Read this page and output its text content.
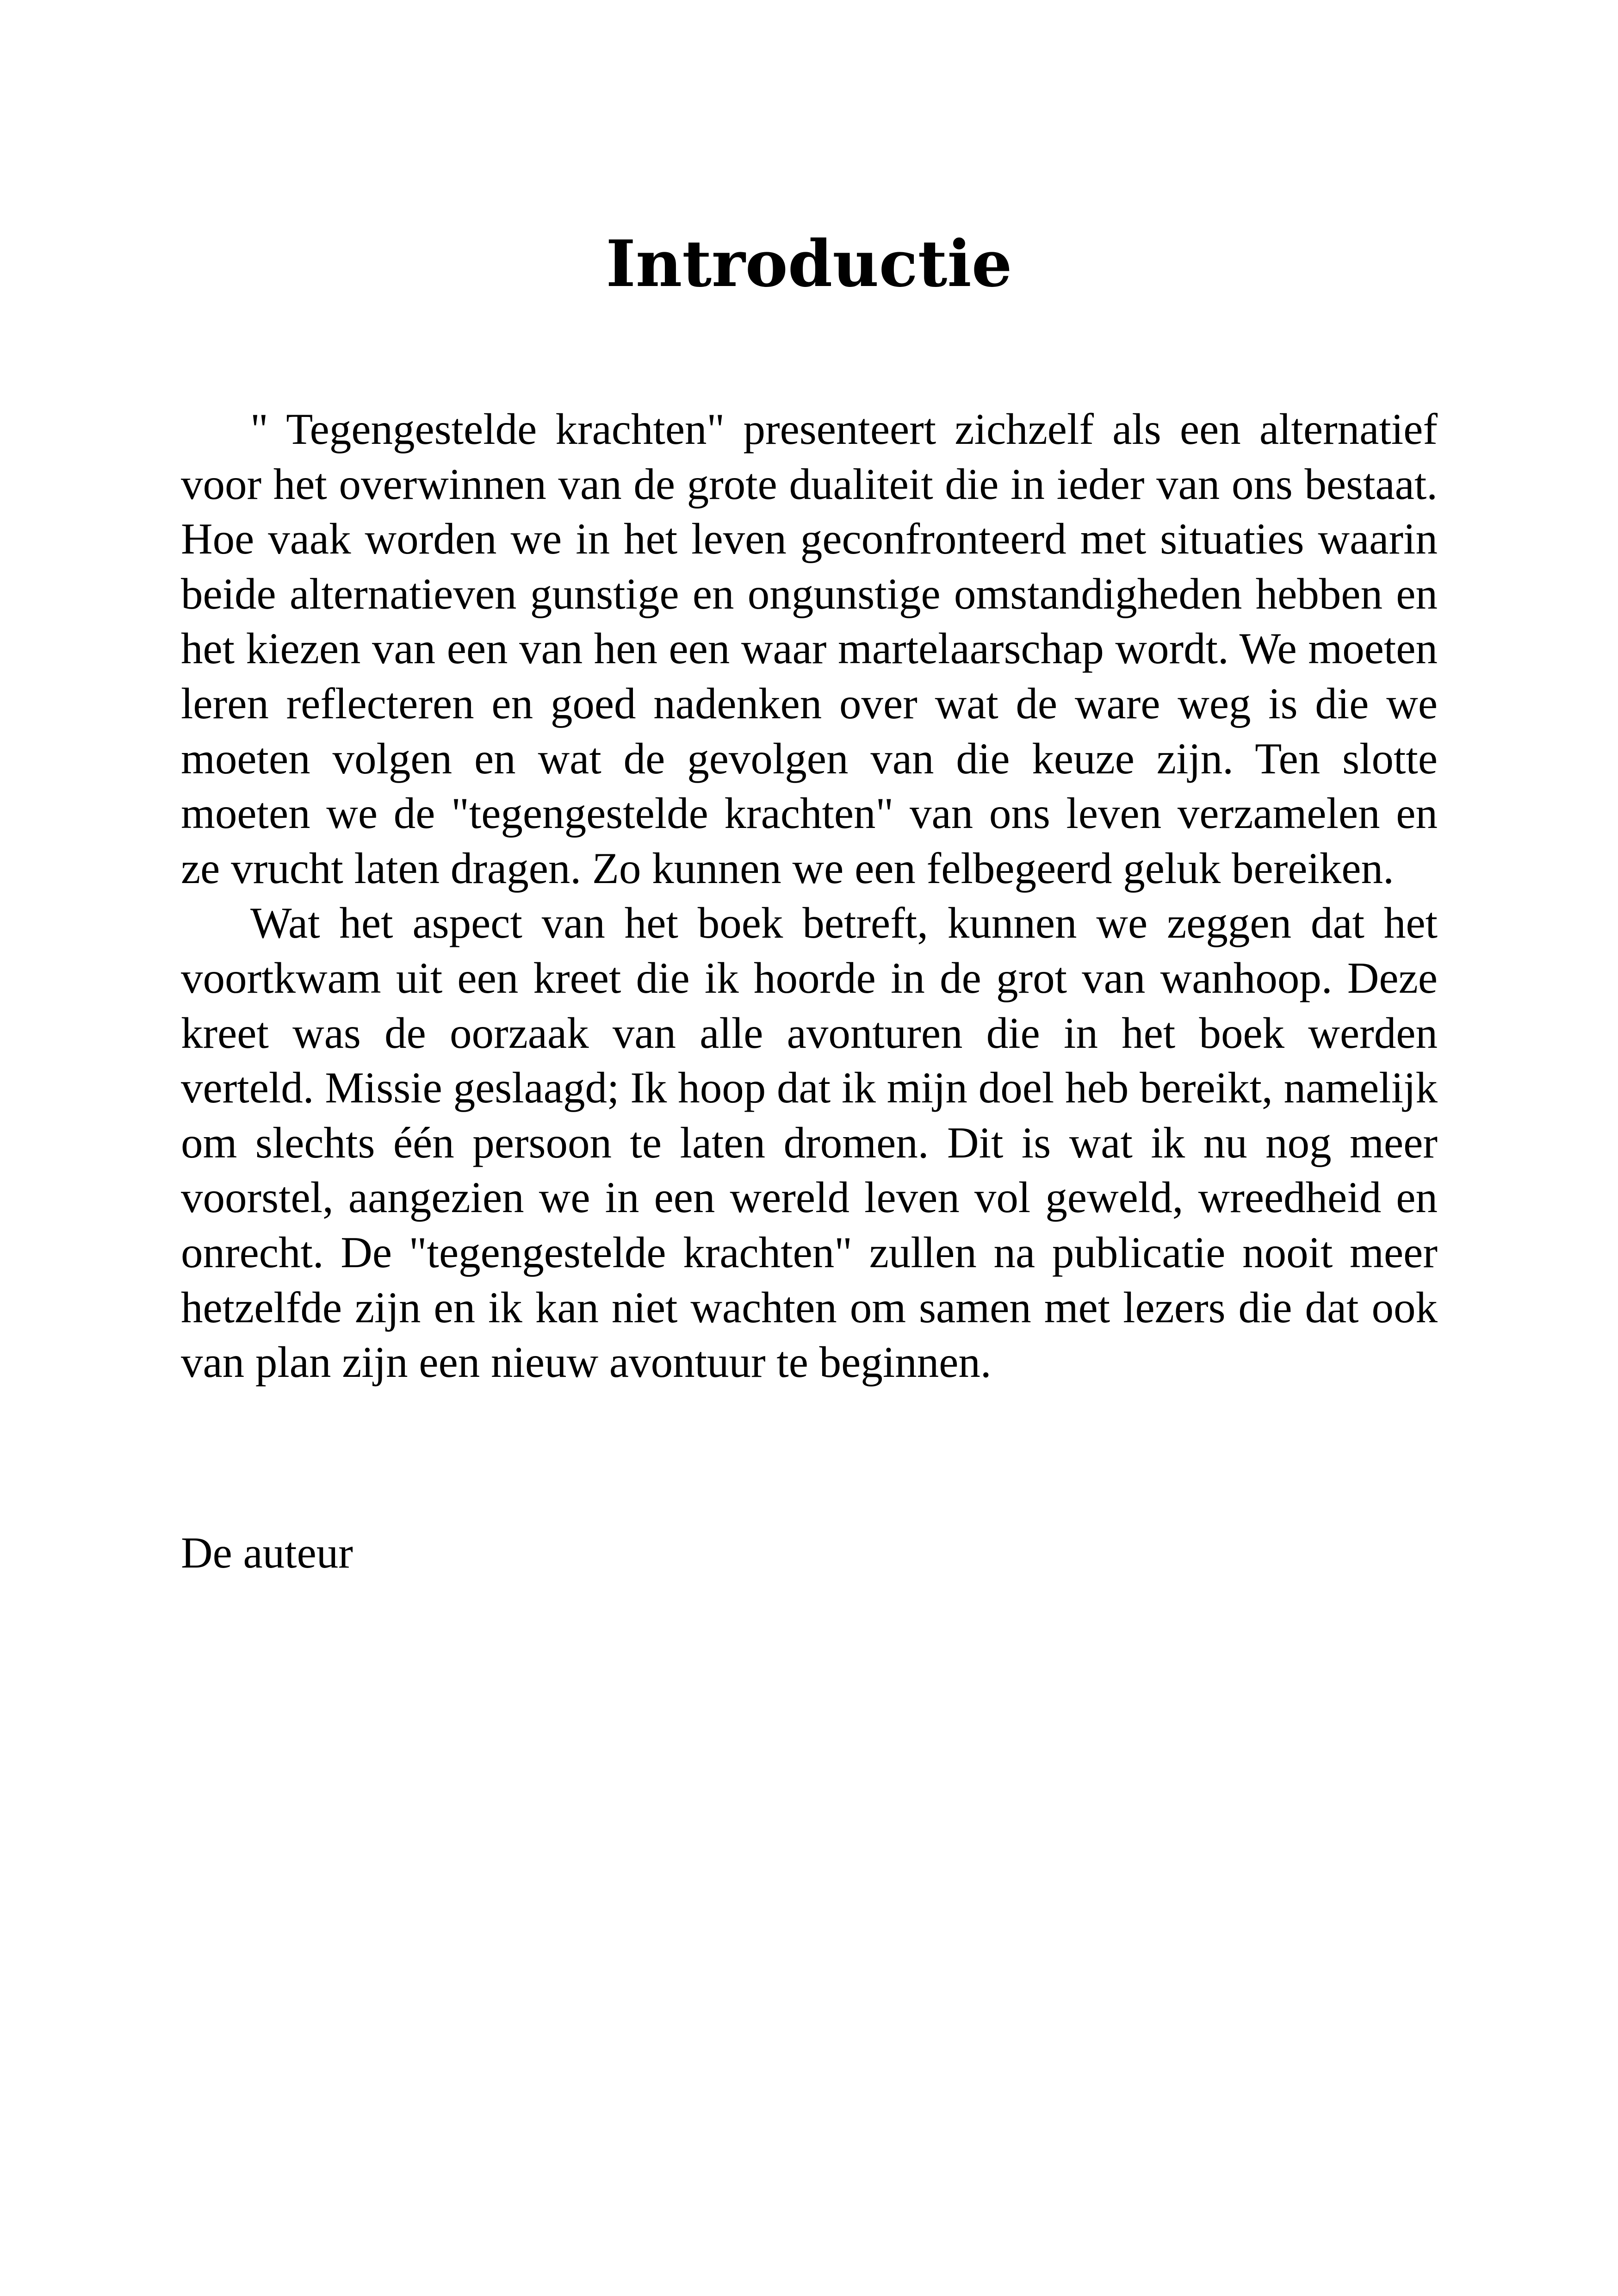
Introductie

" Tegengestelde krachten" presenteert zichzelf als een alternatief voor het overwinnen van de grote dualiteit die in ieder van ons bestaat. Hoe vaak worden we in het leven geconfronteerd met situaties waarin beide alternatieven gunstige en ongunstige omstandigheden hebben en het kiezen van een van hen een waar martelaarschap wordt. We moeten leren reflecteren en goed nadenken over wat de ware weg is die we moeten volgen en wat de gevolgen van die keuze zijn. Ten slotte moeten we de "tegengestelde krachten" van ons leven verzamelen en ze vrucht laten dragen. Zo kunnen we een felbegeerd geluk bereiken.

Wat het aspect van het boek betreft, kunnen we zeggen dat het voortkwam uit een kreet die ik hoorde in de grot van wanhoop. Deze kreet was de oorzaak van alle avonturen die in het boek werden verteld. Missie geslaagd; Ik hoop dat ik mijn doel heb bereikt, namelijk om slechts één persoon te laten dromen. Dit is wat ik nu nog meer voorstel, aangezien we in een wereld leven vol geweld, wreedheid en onrecht. De "tegengestelde krachten" zullen na publicatie nooit meer hetzelfde zijn en ik kan niet wachten om samen met lezers die dat ook van plan zijn een nieuw avontuur te beginnen.

De auteur
